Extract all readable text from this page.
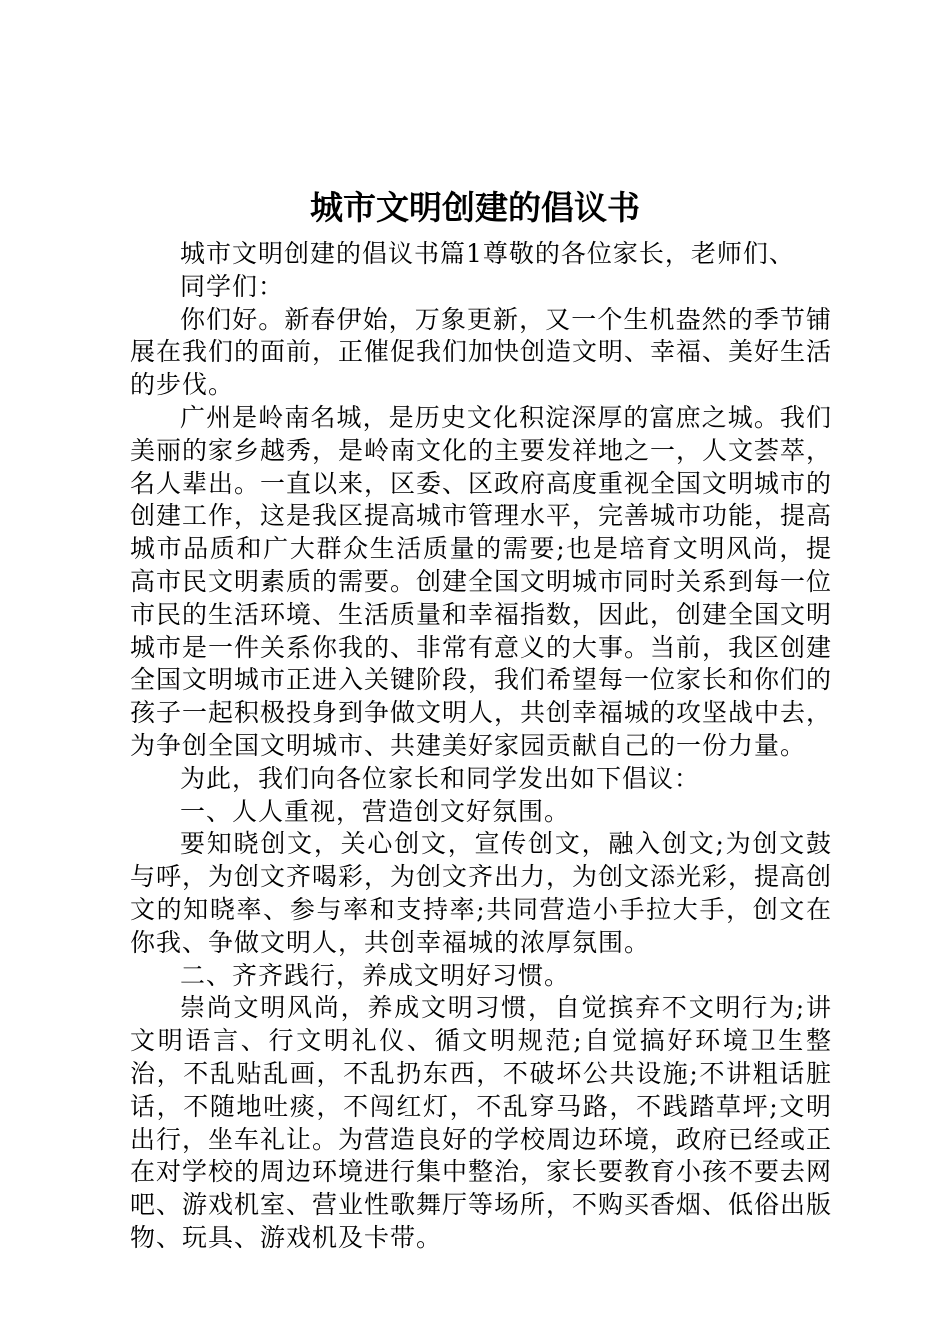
城市文明创建的倡议书

城市文明创建的倡议书篇1尊敬的各位家长，老师们、

同学们：

你们好。新春伊始，万象更新，又一个生机盎然的季节铺展在我们的面前，正催促我们加快创造文明、幸福、美好生活的步伐。

广州是岭南名城，是历史文化积淀深厚的富庶之城。我们美丽的家乡越秀，是岭南文化的主要发祥地之一，人文荟萃，名人辈出。一直以来，区委、区政府高度重视全国文明城市的创建工作，这是我区提高城市管理水平，完善城市功能，提高城市品质和广大群众生活质量的需要;也是培育文明风尚，提高市民文明素质的需要。创建全国文明城市同时关系到每一位市民的生活环境、生活质量和幸福指数，因此，创建全国文明城市是一件关系你我的、非常有意义的大事。当前，我区创建全国文明城市正进入关键阶段，我们希望每一位家长和你们的孩子一起积极投身到争做文明人，共创幸福城的攻坚战中去，为争创全国文明城市、共建美好家园贡献自己的一份力量。

为此，我们向各位家长和同学发出如下倡议：

一、人人重视，营造创文好氛围。

要知晓创文，关心创文，宣传创文，融入创文;为创文鼓与呼，为创文齐喝彩，为创文齐出力，为创文添光彩，提高创文的知晓率、参与率和支持率;共同营造小手拉大手，创文在你我、争做文明人，共创幸福城的浓厚氛围。

二、齐齐践行，养成文明好习惯。

崇尚文明风尚，养成文明习惯，自觉摈弃不文明行为;讲文明语言、行文明礼仪、循文明规范;自觉搞好环境卫生整治，不乱贴乱画，不乱扔东西，不破坏公共设施;不讲粗话脏话，不随地吐痰，不闯红灯，不乱穿马路，不践踏草坪;文明出行，坐车礼让。为营造良好的学校周边环境，政府已经或正在对学校的周边环境进行集中整治，家长要教育小孩不要去网吧、游戏机室、营业性歌舞厅等场所，不购买香烟、低俗出版物、玩具、游戏机及卡带。
